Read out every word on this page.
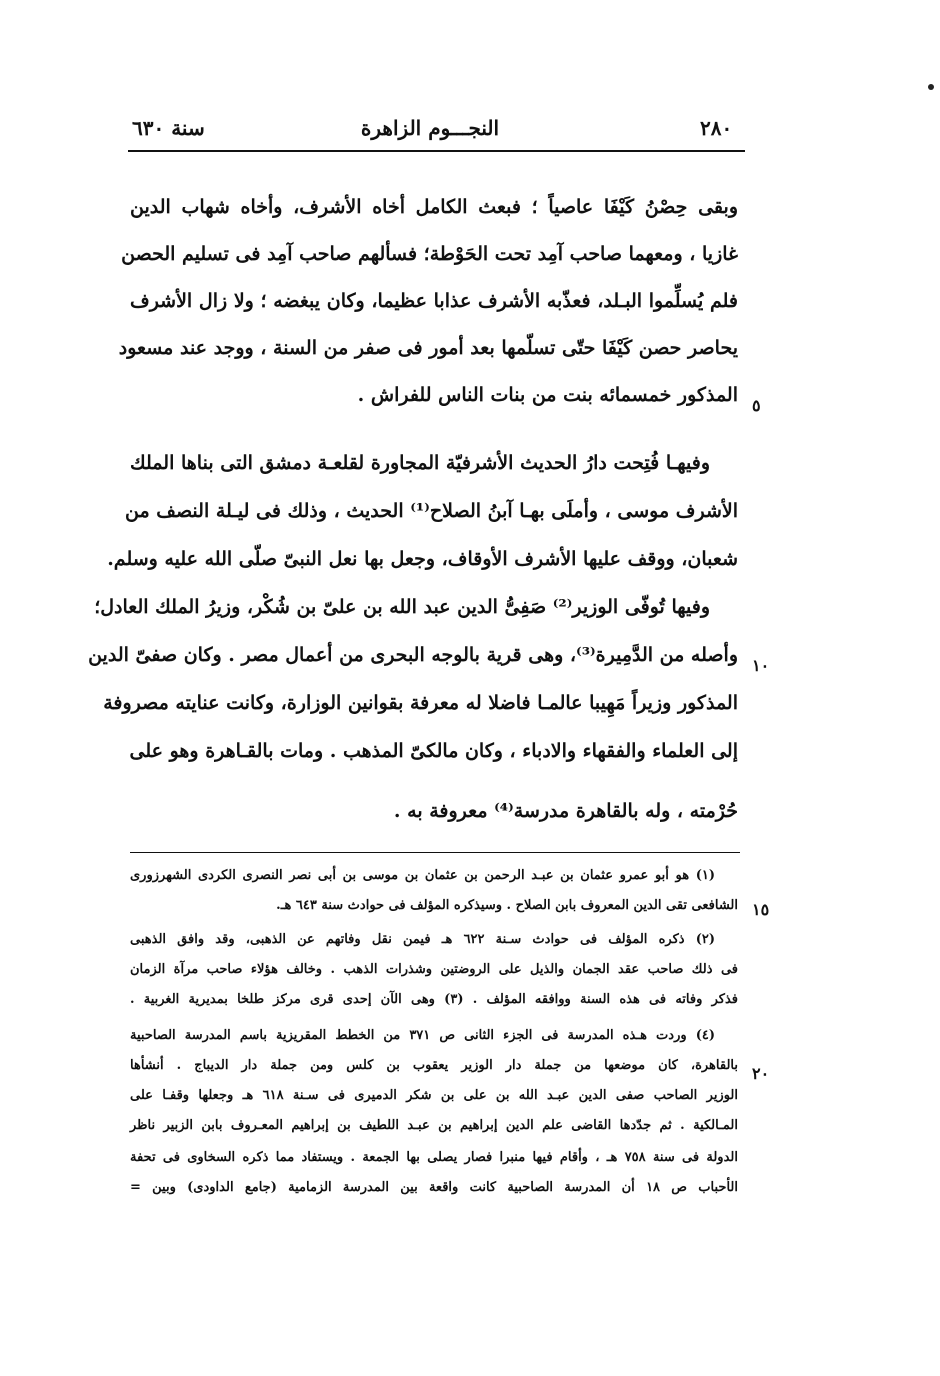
٢٨٠
النجـــوم الزاهرة
سنة ٦٣٠
وبقى حِصْنُ كَيْفَا عاصياً ؛ فبعث الكامل أخاه الأشرف، وأخاه شهاب الدين
غازيا ، ومعهما صاحب آمِد تحت الحَوْطة؛ فسألهم صاحب آمِد فى تسليم الحصن
فلم يُسلِّموا البـلد، فعذّبه الأشرف عذابا عظيما، وكان يبغضه ؛ ولا زال الأشرف
يحاصر حصن كَيْفَا حتّى تسلّمها بعد أمور فى صفر من السنة ، ووجد عند مسعود
المذكور خمسمائه بنت من بنات الناس للفراش .
وفيهـا فُتِحت دارُ الحديث الأشرفيّة المجاورة لقلعـة دمشق التى بناها الملك
الأشرف موسى ، وأملَى بهـا آبنُ الصلاح⁽¹⁾ الحديث ، وذلك فى ليـلة النصف من
شعبان، ووقف عليها الأشرف الأوقاف، وجعل بها نعل النبىّ صلّى الله عليه وسلم.
وفيها تُوفّى الوزير⁽²⁾ صَفِىُّ الدين عبد الله بن علىّ بن شُكْر، وزيرُ الملك العادل؛
وأصله من الدَّمِيرة⁽³⁾، وهى قرية بالوجه البحرى من أعمال مصر . وكان صفىّ الدين
المذكور وزيراً مَهِيبا عالمـا فاضلا له معرفة بقوانين الوزارة، وكانت عنايته مصروفة
إلى العلماء والفقهاء والادباء ، وكان مالكىّ المذهب . ومات بالقـاهرة وهو على
حُرْمته ، وله بالقاهرة مدرسة⁽⁴⁾ معروفة به .
٥
١٠
١٥
٢٠
(١) هو أبو عمرو عثمان بن عبـد الرحمن بن عثمان بن موسى بن أبى نصر النصرى الكردى الشهرزورى
الشافعى تقى الدين المعروف بابن الصلاح . وسيذكره المؤلف فى حوادث سنة ٦٤٣ هـ.
(٢) ذكره المؤلف فى حوادث سـنة ٦٢٢ هـ فيمن نقل وفاتهم عن الذهبى، وقد وافق الذهبى
فى ذلك صاحب عقد الجمان والذيل على الروضتين وشذرات الذهب . وخالف هؤلاء صاحب مرآة الزمان
فذكر وفاته فى هذه السنة ووافقه المؤلف . (٣) وهى الآن إحدى قرى مركز طلخا بمديرية الغربية .
(٤) وردت هـذه المدرسة فى الجزء الثانى ص ٣٧١ من الخطط المقريزية باسم المدرسة الصاحبية
بالقاهرة، كان موضعها من جملة دار الوزير يعقوب بن كلس ومن جملة دار الديباج . أنشأها
الوزير الصاحب صفى الدين عبـد الله بن على بن شكر الدميرى فى سـنة ٦١٨ هـ وجعلها وقفـا على
المـالكية . ثم جدّدها القاضى علم الدين إبراهيم بن عبـد اللطيف بن إبراهيم المعـروف بابن الزبير ناظر
الدولة فى سنة ٧٥٨ هـ ، وأقام فيها منبرا فصار يصلى بها الجمعة . ويستفاد مما ذكره السخاوى فى تحفة
الأحباب ص ١٨ أن المدرسة الصاحبية كانت واقعة بين المدرسة الزمامية (جامع الداودى) وبين =
